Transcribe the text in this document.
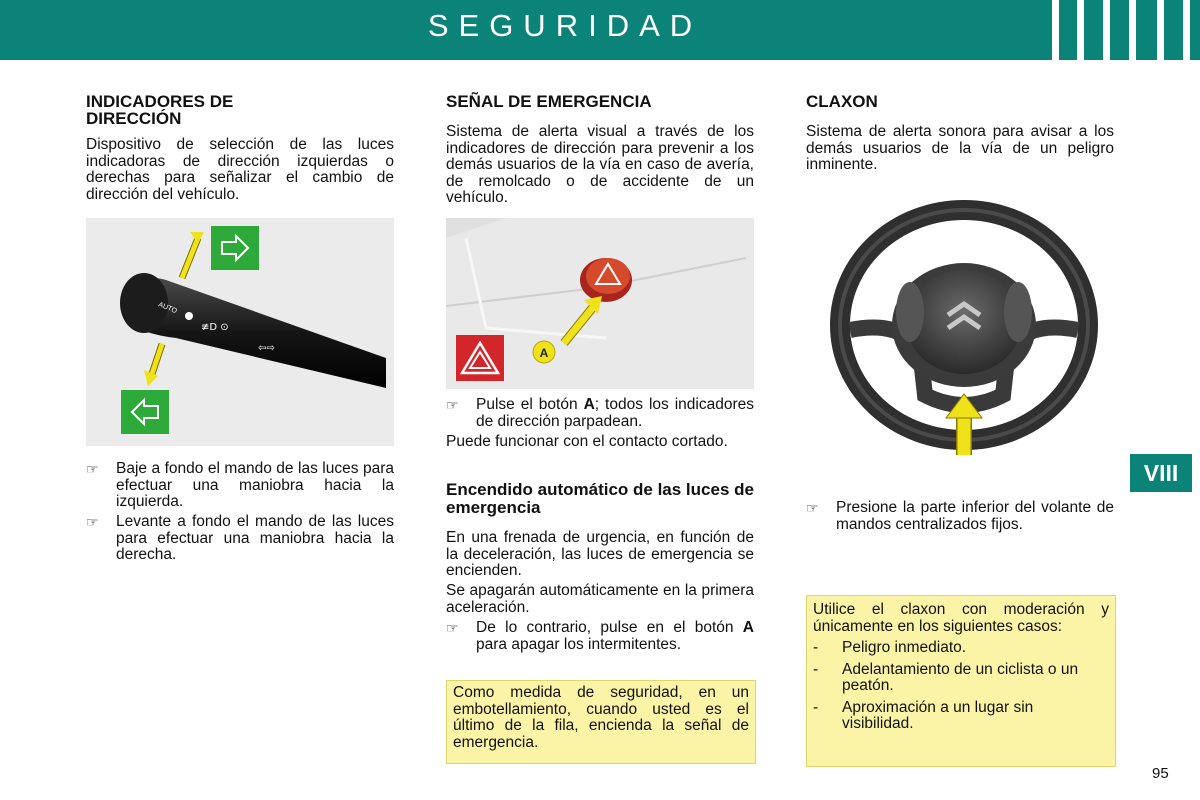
SEGURIDAD
INDICADORES DE DIRECCIÓN
Dispositivo de selección de las luces indicadoras de dirección izquierdas o derechas para señalizar el cambio de dirección del vehículo.
AUTO
≢D ⊙
⇦⇨
☞ Baje a fondo el mando de las luces para efectuar una maniobra hacia la izquierda.
☞ Levante a fondo el mando de las luces para efectuar una maniobra hacia la derecha.
SEÑAL DE EMERGENCIA
Sistema de alerta visual a través de los indicadores de dirección para prevenir a los demás usuarios de la vía en caso de avería, de remolcado o de accidente de un vehículo.
A
☞ Pulse el botón A; todos los indicadores de dirección parpadean.
Puede funcionar con el contacto cortado.
Encendido automático de las luces de emergencia
En una frenada de urgencia, en función de la deceleración, las luces de emergencia se encienden.
Se apagarán automáticamente en la primera aceleración.
☞ De lo contrario, pulse en el botón A para apagar los intermitentes.

Como medida de seguridad, en un embotellamiento, cuando usted es el último de la fila, encienda la señal de emergencia.

CLAXON
Sistema de alerta sonora para avisar a los demás usuarios de la vía de un peligro inminente.
☞ Presione la parte inferior del volante de mandos centralizados fijos.

Utilice el claxon con moderación y únicamente en los siguientes casos:

- Peligro inmediato.
- Adelantamiento de un ciclista o un peatón.
- Aproximación a un lugar sin visibilidad.
VIII
95
